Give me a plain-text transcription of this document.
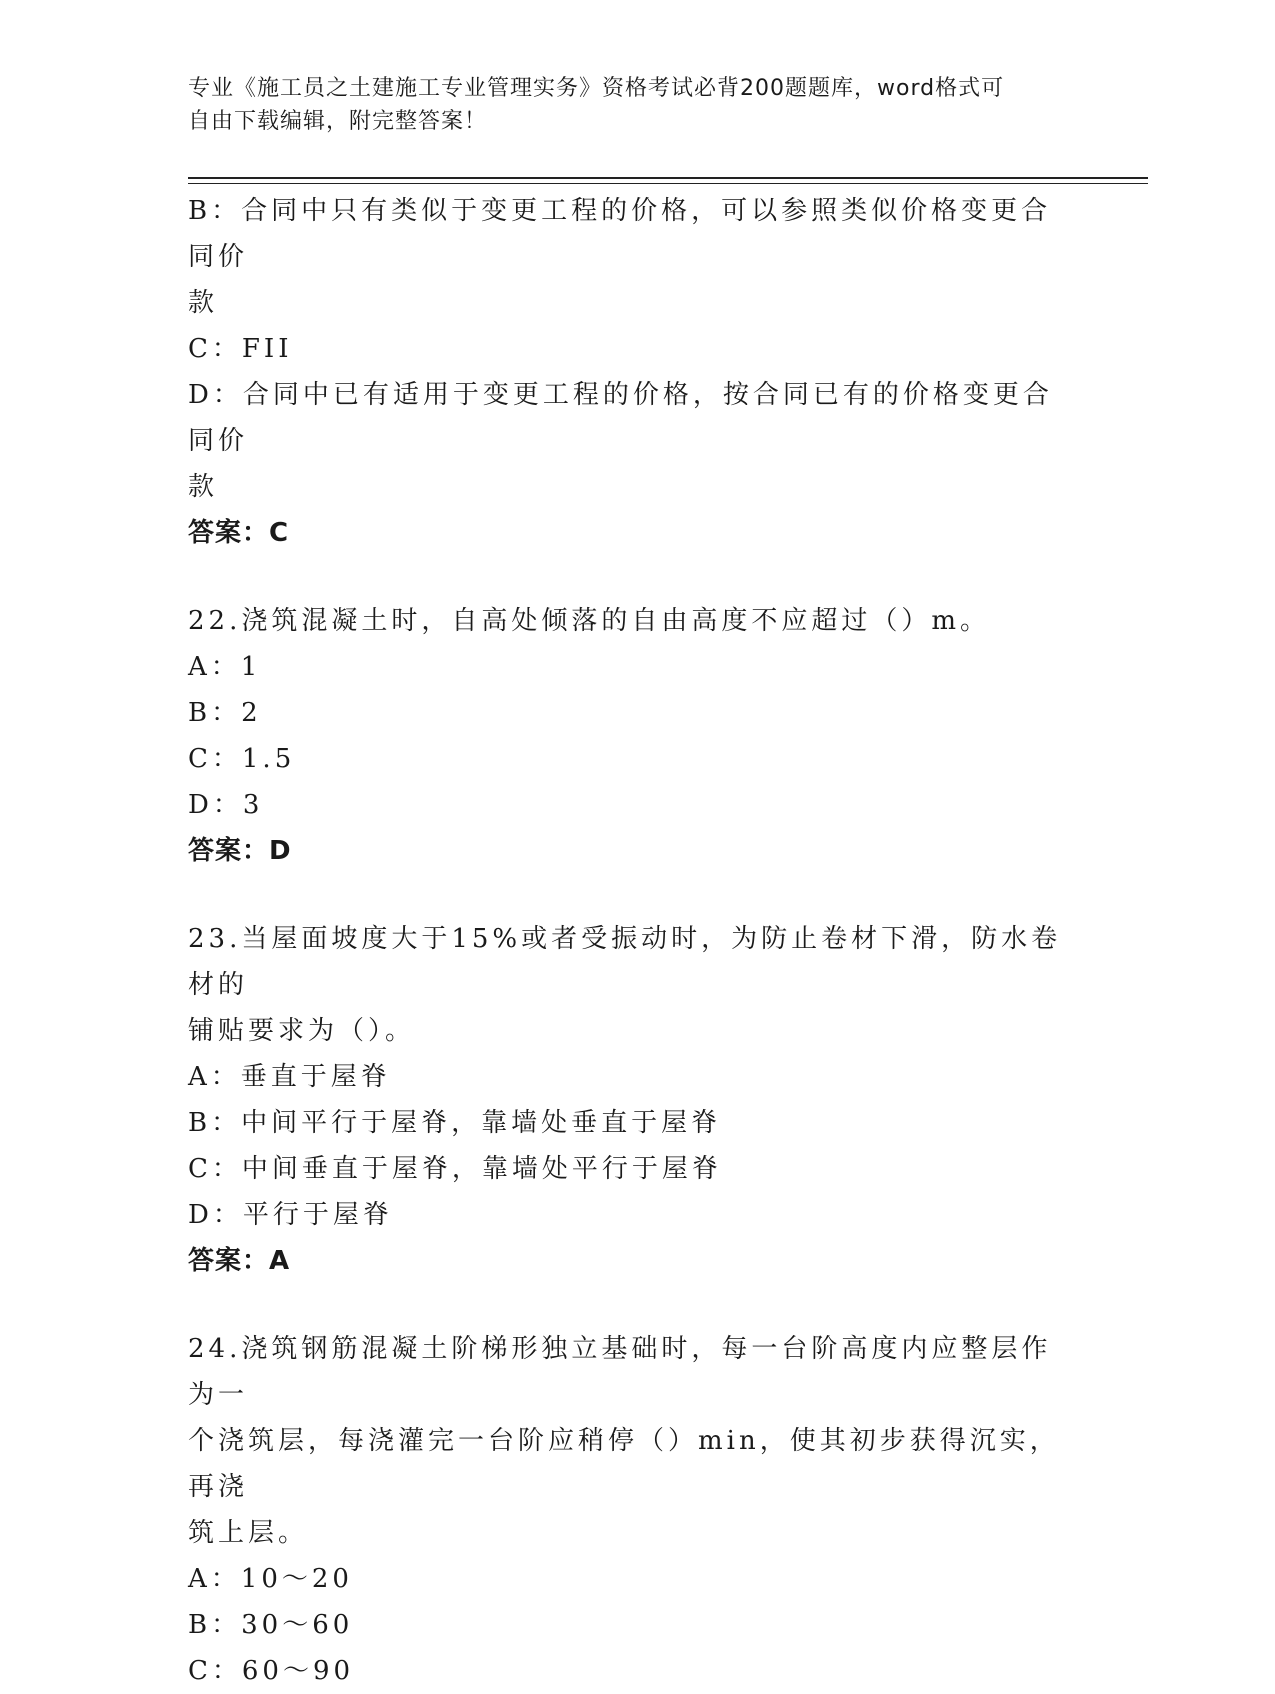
专业《施工员之土建施工专业管理实务》资格考试必背200题题库，word格式可
自由下载编辑，附完整答案！

B：合同中只有类似于变更工程的价格，可以参照类似价格变更合同价

款

C：FII

D：合同中已有适用于变更工程的价格，按合同已有的价格变更合同价

款

答案：C

22.浇筑混凝土时，自高处倾落的自由高度不应超过（）m。

A：1

B：2

C：1.5

D：3

答案：D

23.当屋面坡度大于15%或者受振动时，为防止卷材下滑，防水卷材的

铺贴要求为（）。

A：垂直于屋脊

B：中间平行于屋脊，靠墙处垂直于屋脊

C：中间垂直于屋脊，靠墙处平行于屋脊

D：平行于屋脊

答案：A

24.浇筑钢筋混凝土阶梯形独立基础时，每一台阶高度内应整层作为一

个浇筑层，每浇灌完一台阶应稍停（）min，使其初步获得沉实，再浇

筑上层。

A：10～20

B：30～60

C：60～90
